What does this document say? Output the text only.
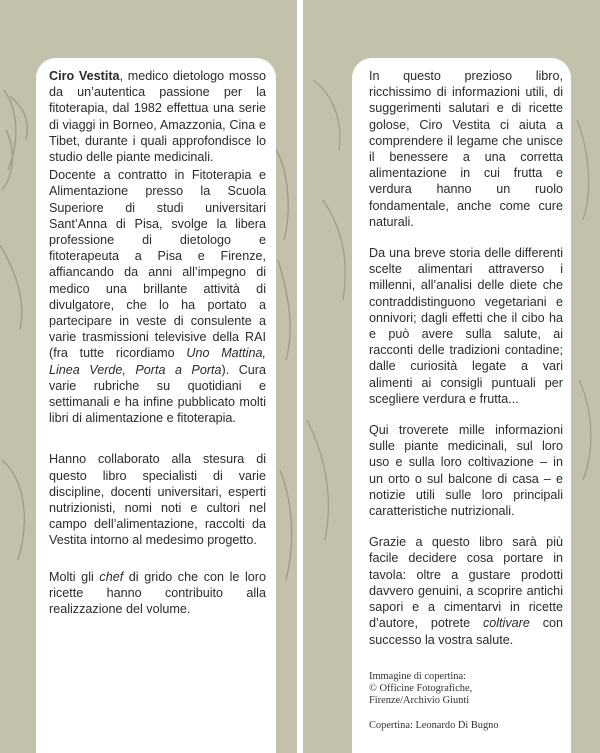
Ciro Vestita, medico dietologo mosso da un’autentica passione per la fitoterapia, dal 1982 effettua una serie di viaggi in Borneo, Amazzonia, Cina e Tibet, durante i quali approfondisce lo studio delle piante medicinali.

Docente a contratto in Fitoterapia e Alimentazione presso la Scuola Superiore di studi universitari Sant’Anna di Pisa, svolge la libera professione di dietologo e fitoterapeuta a Pisa e Firenze, affiancando da anni all’impegno di medico una brillante attività di divulgatore, che lo ha portato a partecipare in veste di consulente a varie trasmissioni televisive della RAI (fra tutte ricordiamo Uno Mattina, Linea Verde, Porta a Porta). Cura varie rubriche su quotidiani e settimanali e ha infine pubblicato molti libri di alimentazione e fitoterapia.

Hanno collaborato alla stesura di questo libro specialisti di varie discipline, docenti universitari, esperti nutrizionisti, nomi noti e cultori nel campo dell’alimentazione, raccolti da Vestita intorno al medesimo progetto.

Molti gli chef di grido che con le loro ricette hanno contribuito alla realizzazione del volume.

In questo prezioso libro, ricchissimo di informazioni utili, di suggerimenti salutari e di ricette golose, Ciro Vestita ci aiuta a comprendere il legame che unisce il benessere a una corretta alimentazione in cui frutta e verdura hanno un ruolo fondamentale, anche come cure naturali.

Da una breve storia delle differenti scelte alimentari attraverso i millenni, all’analisi delle diete che contraddistinguono vegetariani e onnivori; dagli effetti che il cibo ha e può avere sulla salute, ai racconti delle tradizioni contadine; dalle curiosità legate a vari alimenti ai consigli puntuali per scegliere verdura e frutta...

Qui troverete mille informazioni sulle piante medicinali, sul loro uso e sulla loro coltivazione – in un orto o sul balcone di casa – e notizie utili sulle loro principali caratteristiche nutrizionali.

Grazie a questo libro sarà più facile decidere cosa portare in tavola: oltre a gustare prodotti davvero genuini, a scoprire antichi sapori e a cimentarvi in ricette d’autore, potrete coltivare con successo la vostra salute.

Immagine di copertina:

© Officine Fotografiche,

Firenze/Archivio Giunti

Copertina: Leonardo Di Bugno
